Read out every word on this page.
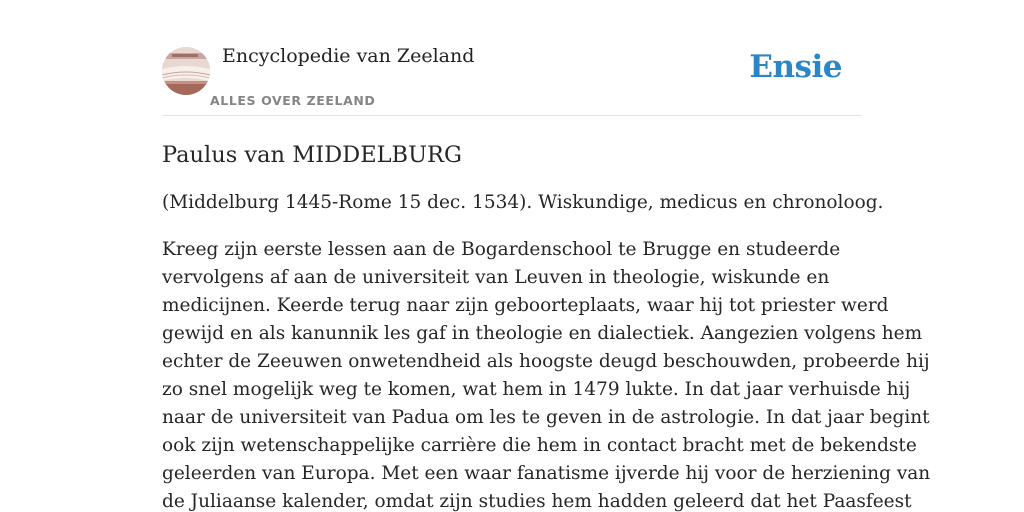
Encyclopedie van Zeeland
ALLES OVER ZEELAND
Ensie
Paulus van MIDDELBURG

(Middelburg 1445-Rome 15 dec. 1534). Wiskundige, medicus en chronoloog.

Kreeg zijn eerste lessen aan de Bogardenschool te Brugge en studeerde
vervolgens af aan de universiteit van Leuven in theologie, wiskunde en
medicijnen. Keerde terug naar zijn geboorteplaats, waar hij tot priester werd
gewijd en als kanunnik les gaf in theologie en dialectiek. Aangezien volgens hem
echter de Zeeuwen onwetendheid als hoogste deugd beschouwden, probeerde hij
zo snel mogelijk weg te komen, wat hem in 1479 lukte. In dat jaar verhuisde hij
naar de universiteit van Padua om les te geven in de astrologie. In dat jaar begint
ook zijn wetenschappelijke carrière die hem in contact bracht met de bekendste
geleerden van Europa. Met een waar fanatisme ijverde hij voor de herziening van
de Juliaanse kalender, omdat zijn studies hem hadden geleerd dat het Paasfeest
